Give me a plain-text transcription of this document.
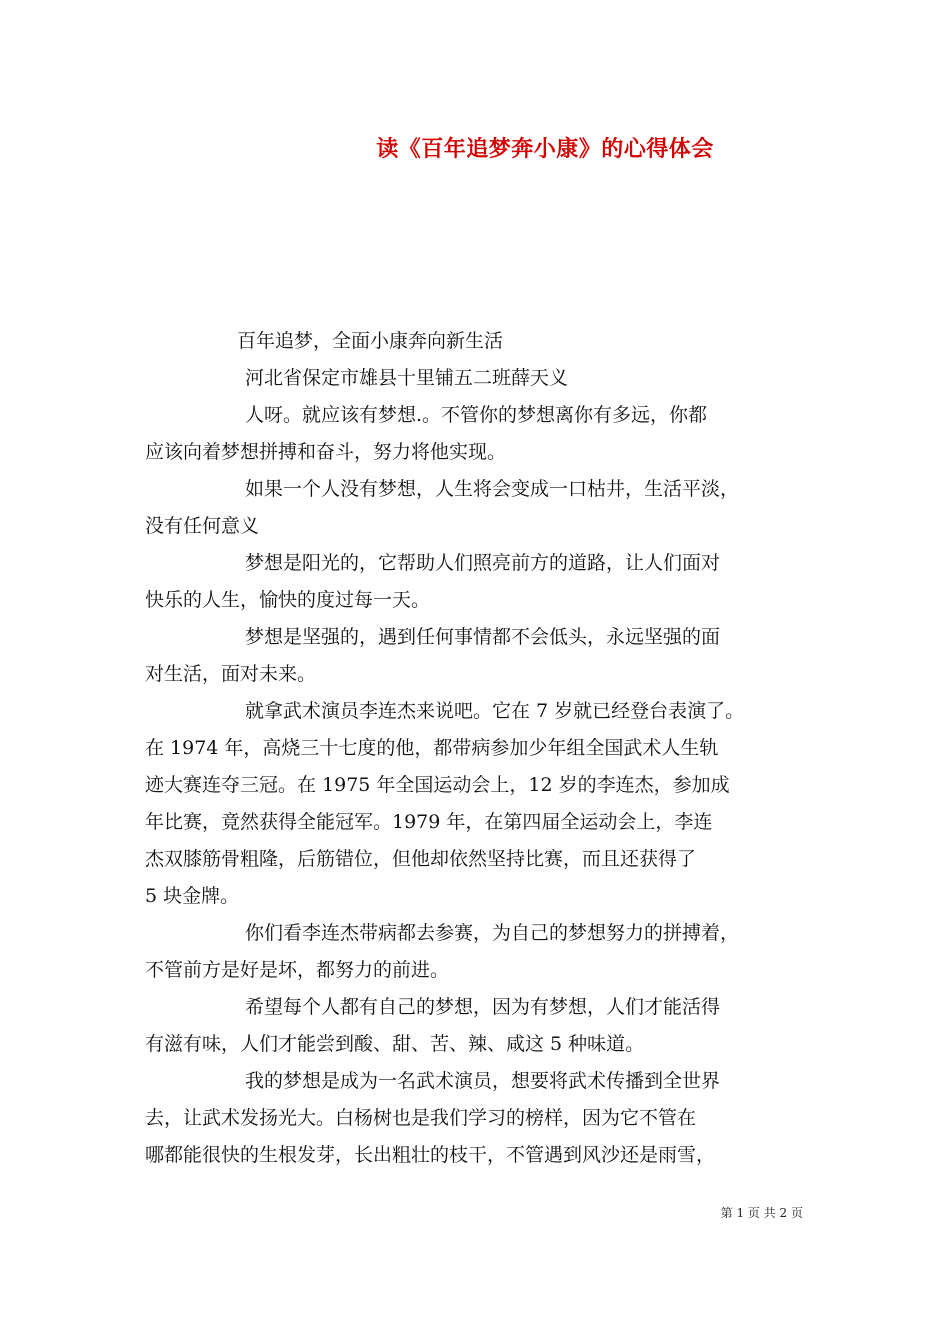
读《百年追梦奔小康》的心得体会
百年追梦，全面小康奔向新生活
河北省保定市雄县十里铺五二班薛天义
人呀。就应该有梦想.。不管你的梦想离你有多远，你都
应该向着梦想拼搏和奋斗，努力将他实现。
如果一个人没有梦想，人生将会变成一口枯井，生活平淡，
没有任何意义
梦想是阳光的，它帮助人们照亮前方的道路，让人们面对
快乐的人生，愉快的度过每一天。
梦想是坚强的，遇到任何事情都不会低头，永远坚强的面
对生活，面对未来。
就拿武术演员李连杰来说吧。它在 7 岁就已经登台表演了。
在 1974 年，高烧三十七度的他，都带病参加少年组全国武术人生轨
迹大赛连夺三冠。在 1975 年全国运动会上，12 岁的李连杰，参加成
年比赛，竟然获得全能冠军。1979 年，在第四届全运动会上，李连
杰双膝筋骨粗隆，后筋错位，但他却依然坚持比赛，而且还获得了
5 块金牌。
你们看李连杰带病都去参赛，为自己的梦想努力的拼搏着，
不管前方是好是坏，都努力的前进。
希望每个人都有自己的梦想，因为有梦想，人们才能活得
有滋有味，人们才能尝到酸、甜、苦、辣、咸这 5 种味道。
我的梦想是成为一名武术演员，想要将武术传播到全世界
去，让武术发扬光大。白杨树也是我们学习的榜样，因为它不管在
哪都能很快的生根发芽，长出粗壮的枝干，不管遇到风沙还是雨雪，
第 1 页 共 2 页
